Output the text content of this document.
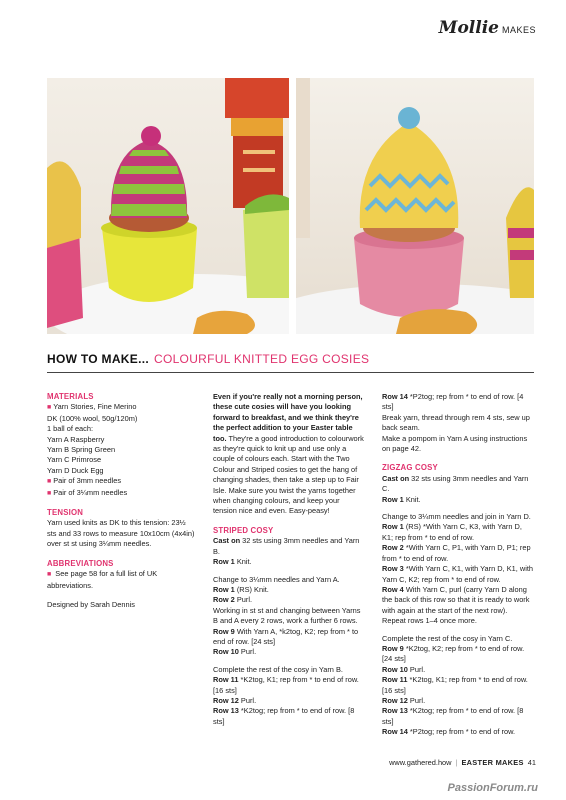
Mollie MAKES
HOW TO MAKE... COLOURFUL KNITTED EGG COSIES

MATERIALS

■ Yarn Stories, Fine Merino

DK (100% wool, 50g/120m)

1 ball of each:

Yarn A Raspberry

Yarn B Spring Green

Yarn C Primrose

Yarn D Duck Egg

■ Pair of 3mm needles

■ Pair of 3¼mm needles

TENSION

Yarn used knits as DK to this tension: 23½ sts and 33 rows to measure 10x10cm (4x4in) over st st using 3¼mm needles.

ABBREVIATIONS

■ See page 58 for a full list of UK abbreviations.

Designed by Sarah Dennis

Even if you're really not a morning person, these cute cosies will have you looking forward to breakfast, and we think they're the perfect addition to your Easter table too. They're a good introduction to colourwork as they're quick to knit up and use only a couple of colours each. Start with the Two Colour and Striped cosies to get the hang of changing shades, then take a step up to Fair Isle. Make sure you twist the yarns together when changing colours, and keep your tension nice and even. Easy-peasy!

STRIPED COSY

Cast on 32 sts using 3mm needles and Yarn B.

Row 1 Knit.

Change to 3¼mm needles and Yarn A.

Row 1 (RS) Knit.

Row 2 Purl.

Working in st st and changing between Yarns B and A every 2 rows, work a further 6 rows.

Row 9 With Yarn A, *k2tog, K2; rep from * to end of row. [24 sts]

Row 10 Purl.

Complete the rest of the cosy in Yarn B.

Row 11 *K2tog, K1; rep from * to end of row. [16 sts]

Row 12 Purl.

Row 13 *K2tog; rep from * to end of row. [8 sts]

Row 14 *P2tog; rep from * to end of row. [4 sts]

Break yarn, thread through rem 4 sts, sew up back seam.

Make a pompom in Yarn A using instructions on page 42.

ZIGZAG COSY

Cast on 32 sts using 3mm needles and Yarn C.

Row 1 Knit.

Change to 3¼mm needles and join in Yarn D.

Row 1 (RS) *With Yarn C, K3, with Yarn D, K1; rep from * to end of row.

Row 2 *With Yarn C, P1, with Yarn D, P1; rep from * to end of row.

Row 3 *With Yarn C, K1, with Yarn D, K1, with Yarn C, K2; rep from * to end of row.

Row 4 With Yarn C, purl (carry Yarn D along the back of this row so that it is ready to work with again at the start of the next row).

Repeat rows 1–4 once more.

Complete the rest of the cosy in Yarn C.

Row 9 *K2tog, K2; rep from * to end of row. [24 sts]

Row 10 Purl.

Row 11 *K2tog, K1; rep from * to end of row. [16 sts]

Row 12 Purl.

Row 13 *K2tog; rep from * to end of row. [8 sts]

Row 14 *P2tog; rep from * to end of row.

www.gathered.how | EASTER MAKES 41
PassionForum.ru
